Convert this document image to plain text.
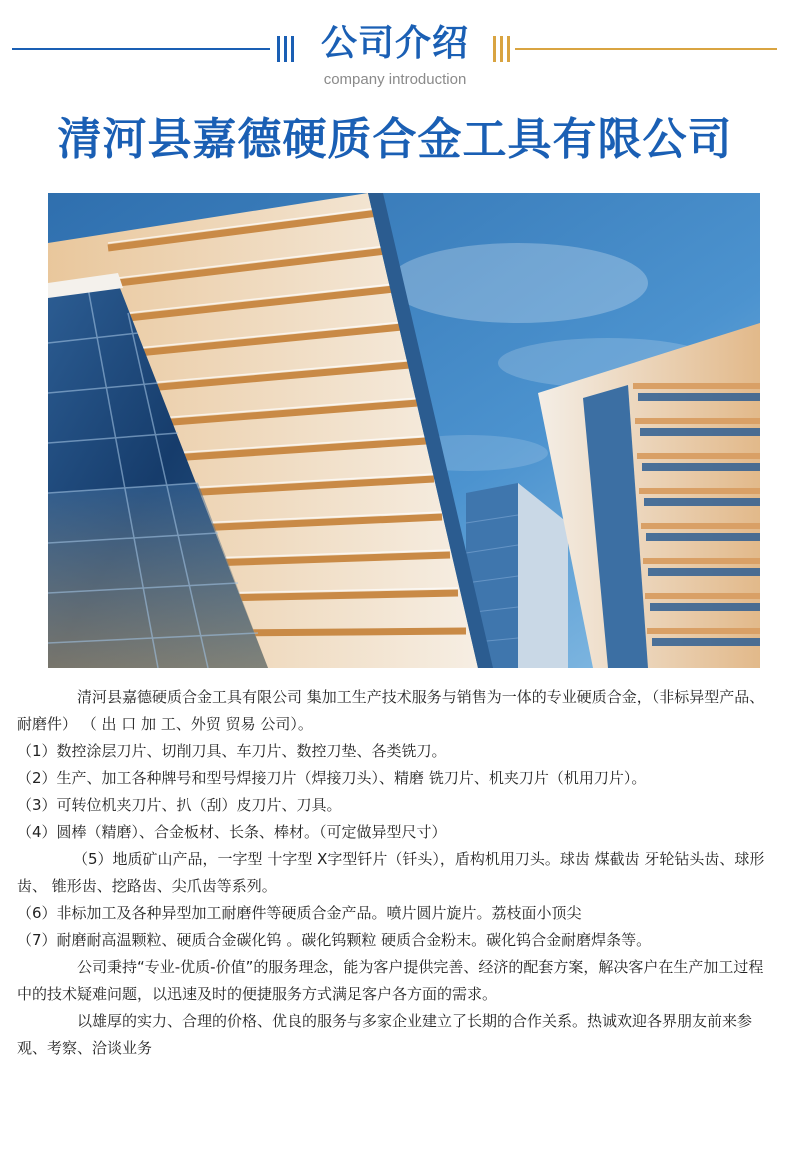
公司介绍
company introduction
清河县嘉德硬质合金工具有限公司

清河县嘉德硬质合金工具有限公司 集加工生产技术服务与销售为一体的专业硬质合金，（非标异型产品、耐磨件） （ 出 口 加 工、外贸 贸易 公司）。

（1）数控涂层刀片、切削刀具、车刀片、数控刀垫、各类铣刀。

（2）生产、加工各种牌号和型号焊接刀片（焊接刀头）、精磨 铣刀片、机夹刀片（机用刀片）。

（3）可转位机夹刀片、扒（刮）皮刀片、刀具。

（4）圆棒（精磨）、合金板材、长条、棒材。（可定做异型尺寸）

（5）地质矿山产品，一字型 十字型 X字型钎片（钎头），盾构机用刀头。球齿 煤截齿 牙轮钻头齿、球形齿、 锥形齿、挖路齿、尖爪齿等系列。

（6）非标加工及各种异型加工耐磨件等硬质合金产品。喷片圆片旋片。荔枝面小顶尖

（7）耐磨耐高温颗粒、硬质合金碳化钨 。碳化钨颗粒 硬质合金粉末。碳化钨合金耐磨焊条等。

公司秉持“专业-优质-价值”的服务理念，能为客户提供完善、经济的配套方案，解决客户在生产加工过程中的技术疑难问题，以迅速及时的便捷服务方式满足客户各方面的需求。

以雄厚的实力、合理的价格、优良的服务与多家企业建立了长期的合作关系。热诚欢迎各界朋友前来参观、考察、洽谈业务
